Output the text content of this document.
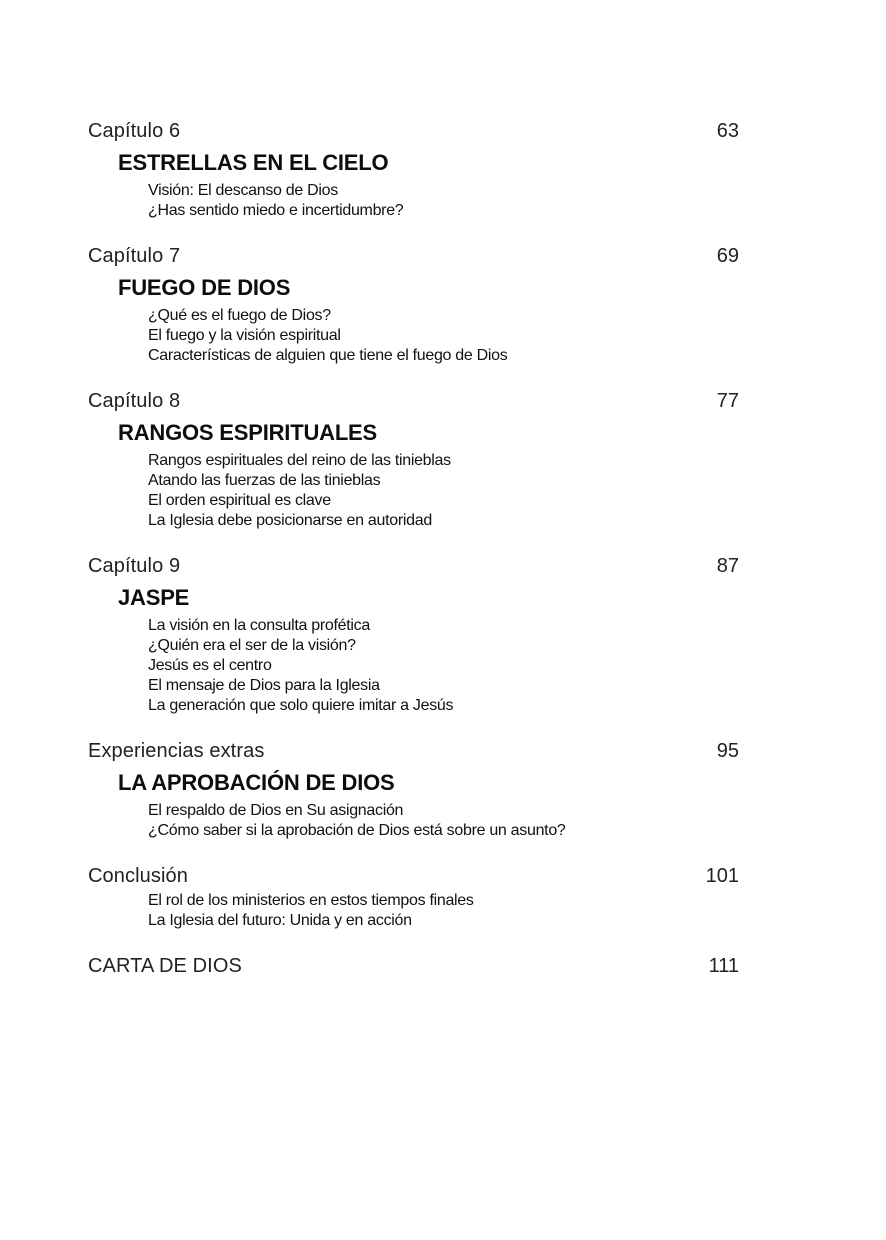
Capítulo 6	63
ESTRELLAS EN EL CIELO
Visión: El descanso de Dios
¿Has sentido miedo e incertidumbre?
Capítulo 7	69
FUEGO DE DIOS
¿Qué es el fuego de Dios?
El fuego y la visión espiritual
Características de alguien que tiene el fuego de Dios
Capítulo 8	77
RANGOS ESPIRITUALES
Rangos espirituales del reino de las tinieblas
Atando las fuerzas de las tinieblas
El orden espiritual es clave
La Iglesia debe posicionarse en autoridad
Capítulo 9	87
JASPE
La visión en la consulta profética
¿Quién era el ser de la visión?
Jesús es el centro
El mensaje de Dios para la Iglesia
La generación que solo quiere imitar a Jesús
Experiencias extras	95
LA APROBACIÓN DE DIOS
El respaldo de Dios en Su asignación
¿Cómo saber si la aprobación de Dios está sobre un asunto?
Conclusión	101
El rol de los ministerios en estos tiempos finales
La Iglesia del futuro: Unida y en acción
CARTA DE DIOS	111
